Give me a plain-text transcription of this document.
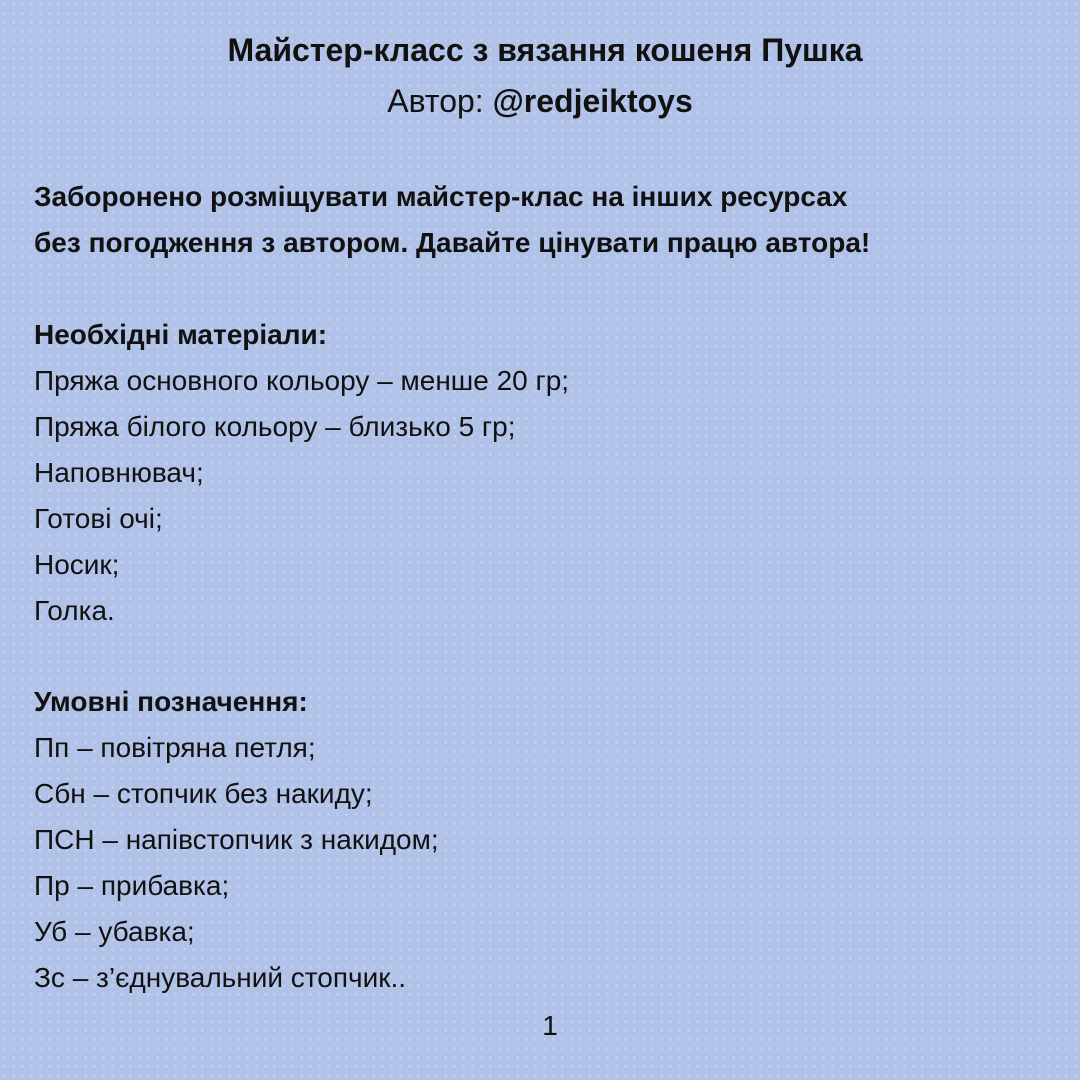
Майстер-класс з вязання кошеня Пушка

Автор: @redjeiktoys

Заборонено розміщувати майстер-клас на інших ресурсах
без погодження з автором. Давайте цінувати працю автора!

Необхідні матеріали:

Пряжа основного кольору – менше 20 гр;
Пряжа білого кольору – близько 5 гр;
Наповнювач;
Готові очі;
Носик;
Голка.

Умовні позначення:

Пп – повітряна петля;
Сбн – стопчик без накиду;
ПСН – напівстопчик з накидом;
Пр – прибавка;
Уб – убавка;
Зс – з’єднувальний стопчик..
1
